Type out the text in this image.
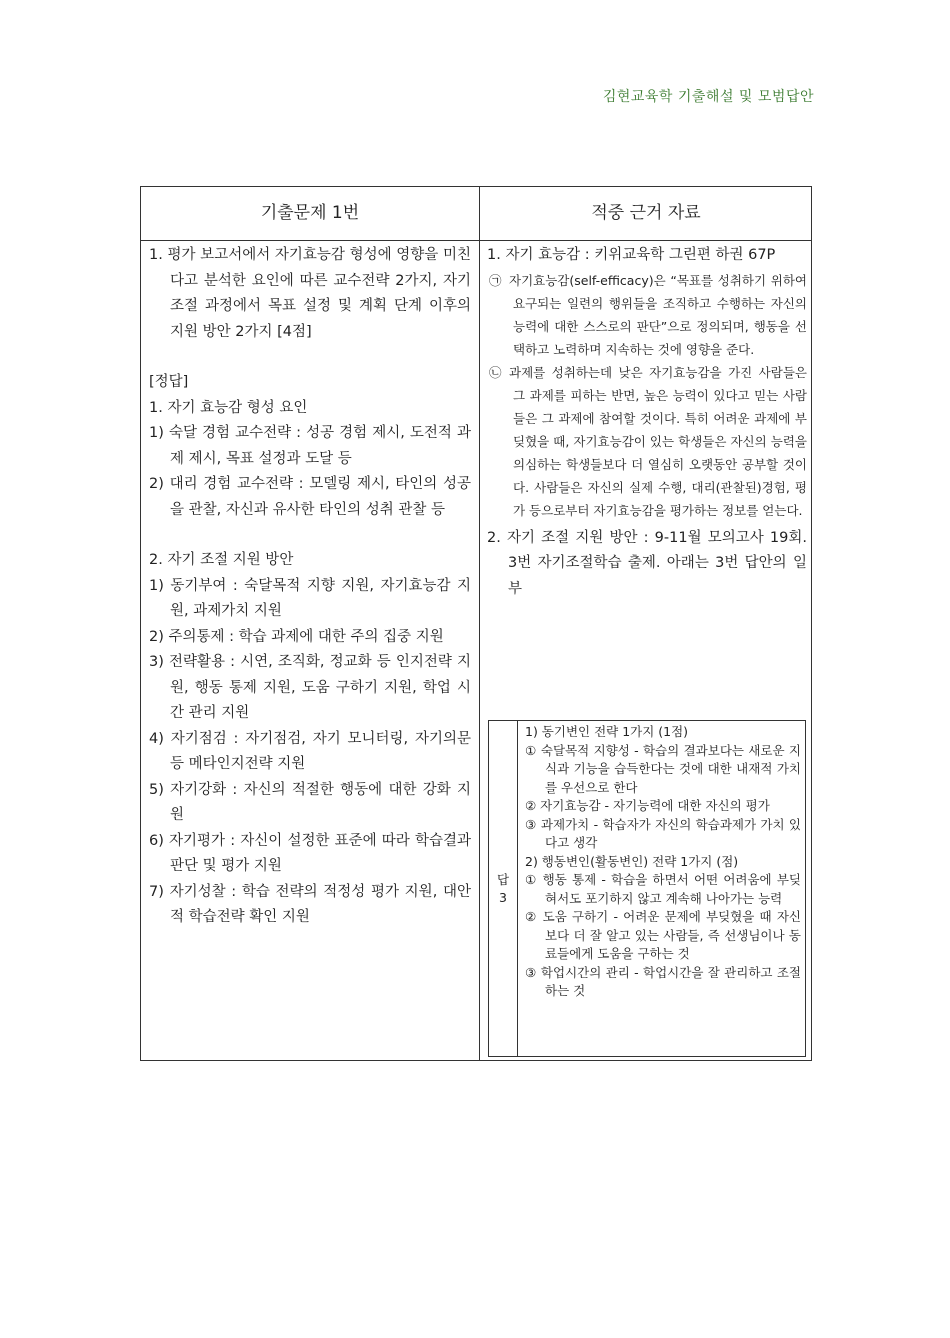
김현교육학 기출해설 및 모범답안
기출문제 1번	적중 근거 자료

1. 평가 보고서에서 자기효능감 형성에 영향을 미친다고 분석한 요인에 따른 교수전략 2가지, 자기조절 과정에서 목표 설정 및 계획 단계 이후의 지원 방안 2가지 [4점]

[정답]

1. 자기 효능감 형성 요인

1) 숙달 경험 교수전략 : 성공 경험 제시, 도전적 과제 제시, 목표 설정과 도달 등

2) 대리 경험 교수전략 : 모델링 제시, 타인의 성공을 관찰, 자신과 유사한 타인의 성취 관찰 등

2. 자기 조절 지원 방안

1) 동기부여 : 숙달목적 지향 지원, 자기효능감 지원, 과제가치 지원

2) 주의통제 : 학습 과제에 대한 주의 집중 지원

3) 전략활용 : 시연, 조직화, 정교화 등 인지전략 지원, 행동 통제 지원, 도움 구하기 지원, 학업 시간 관리 지원

4) 자기점검 : 자기점검, 자기 모니터링, 자기의문 등 메타인지전략 지원

5) 자기강화 : 자신의 적절한 행동에 대한 강화 지원

6) 자기평가 : 자신이 설정한 표준에 따라 학습결과 판단 및 평가 지원

7) 자기성찰 : 학습 전략의 적정성 평가 지원, 대안적 학습전략 확인 지원

1. 자기 효능감 : 키위교육학 그린편 하권 67P

㉠ 자기효능감(self-efficacy)은 “목표를 성취하기 위하여 요구되는 일련의 행위들을 조직하고 수행하는 자신의 능력에 대한 스스로의 판단”으로 정의되며, 행동을 선택하고 노력하며 지속하는 것에 영향을 준다.

㉡ 과제를 성취하는데 낮은 자기효능감을 가진 사람들은 그 과제를 피하는 반면, 높은 능력이 있다고 믿는 사람들은 그 과제에 참여할 것이다. 특히 어려운 과제에 부딪혔을 때, 자기효능감이 있는 학생들은 자신의 능력을 의심하는 학생들보다 더 열심히 오랫동안 공부할 것이다. 사람들은 자신의 실제 수행, 대리(관찰된)경험, 평가 등으로부터 자기효능감을 평가하는 정보를 얻는다.

2. 자기 조절 지원 방안 : 9-11월 모의고사 19회. 3번 자기조절학습 출제. 아래는 3번 답안의 일부

답
3

1) 동기변인 전략 1가지 (1점)

① 숙달목적 지향성 - 학습의 결과보다는 새로운 지식과 기능을 습득한다는 것에 대한 내재적 가치를 우선으로 한다

② 자기효능감 - 자기능력에 대한 자신의 평가

③ 과제가치 - 학습자가 자신의 학습과제가 가치 있다고 생각

2) 행동변인(활동변인) 전략 1가지 (점)

① 행동 통제 - 학습을 하면서 어떤 어려움에 부딪혀서도 포기하지 않고 계속해 나아가는 능력

② 도움 구하기 - 어려운 문제에 부딪혔을 때 자신보다 더 잘 알고 있는 사람들, 즉 선생님이나 동료들에게 도움을 구하는 것

③ 학업시간의 관리 - 학업시간을 잘 관리하고 조절하는 것
